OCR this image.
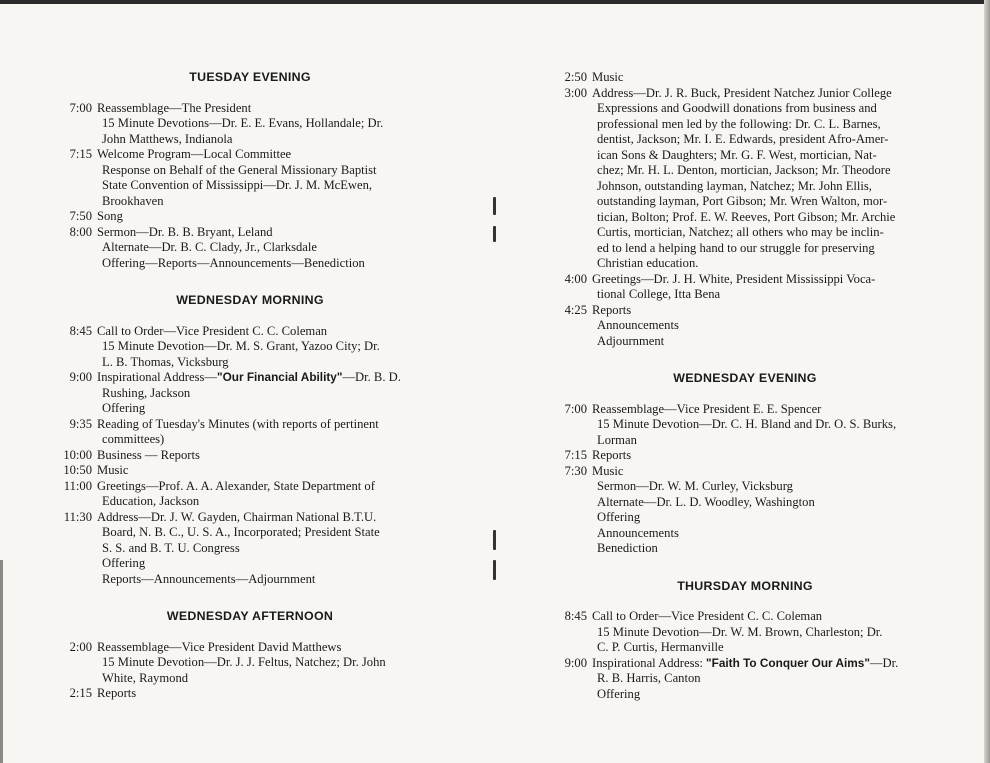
TUESDAY EVENING
7:00 Reassemblage—The President
15 Minute Devotions—Dr. E. E. Evans, Hollandale; Dr.
John Matthews, Indianola
7:15 Welcome Program—Local Committee
Response on Behalf of the General Missionary Baptist
State Convention of Mississippi—Dr. J. M. McEwen,
Brookhaven
7:50 Song
8:00 Sermon—Dr. B. B. Bryant, Leland
Alternate—Dr. B. C. Clady, Jr., Clarksdale
Offering—Reports—Announcements—Benediction
WEDNESDAY MORNING
8:45 Call to Order—Vice President C. C. Coleman
15 Minute Devotion—Dr. M. S. Grant, Yazoo City; Dr.
L. B. Thomas, Vicksburg
9:00 Inspirational Address—"Our Financial Ability"—Dr. B. D.
Rushing, Jackson
Offering
9:35 Reading of Tuesday's Minutes (with reports of pertinent
committees)
10:00 Business — Reports
10:50 Music
11:00 Greetings—Prof. A. A. Alexander, State Department of
Education, Jackson
11:30 Address—Dr. J. W. Gayden, Chairman National B.T.U.
Board, N. B. C., U. S. A., Incorporated; President State
S. S. and B. T. U. Congress
Offering
Reports—Announcements—Adjournment
WEDNESDAY AFTERNOON
2:00 Reassemblage—Vice President David Matthews
15 Minute Devotion—Dr. J. J. Feltus, Natchez; Dr. John
White, Raymond
2:15 Reports
2:50 Music
3:00 Address—Dr. J. R. Buck, President Natchez Junior College
Expressions and Goodwill donations from business and
professional men led by the following: Dr. C. L. Barnes,
dentist, Jackson; Mr. I. E. Edwards, president Afro-Amer-
ican Sons & Daughters; Mr. G. F. West, mortician, Nat-
chez; Mr. H. L. Denton, mortician, Jackson; Mr. Theodore
Johnson, outstanding layman, Natchez; Mr. John Ellis,
outstanding layman, Port Gibson; Mr. Wren Walton, mor-
tician, Bolton; Prof. E. W. Reeves, Port Gibson; Mr. Archie
Curtis, mortician, Natchez; all others who may be inclin-
ed to lend a helping hand to our struggle for preserving
Christian education.
4:00 Greetings—Dr. J. H. White, President Mississippi Voca-
tional College, Itta Bena
4:25 Reports
Announcements
Adjournment
WEDNESDAY EVENING
7:00 Reassemblage—Vice President E. E. Spencer
15 Minute Devotion—Dr. C. H. Bland and Dr. O. S. Burks,
Lorman
7:15 Reports
7:30 Music
Sermon—Dr. W. M. Curley, Vicksburg
Alternate—Dr. L. D. Woodley, Washington
Offering
Announcements
Benediction
THURSDAY MORNING
8:45 Call to Order—Vice President C. C. Coleman
15 Minute Devotion—Dr. W. M. Brown, Charleston; Dr.
C. P. Curtis, Hermanville
9:00 Inspirational Address: "Faith To Conquer Our Aims"—Dr.
R. B. Harris, Canton
Offering
